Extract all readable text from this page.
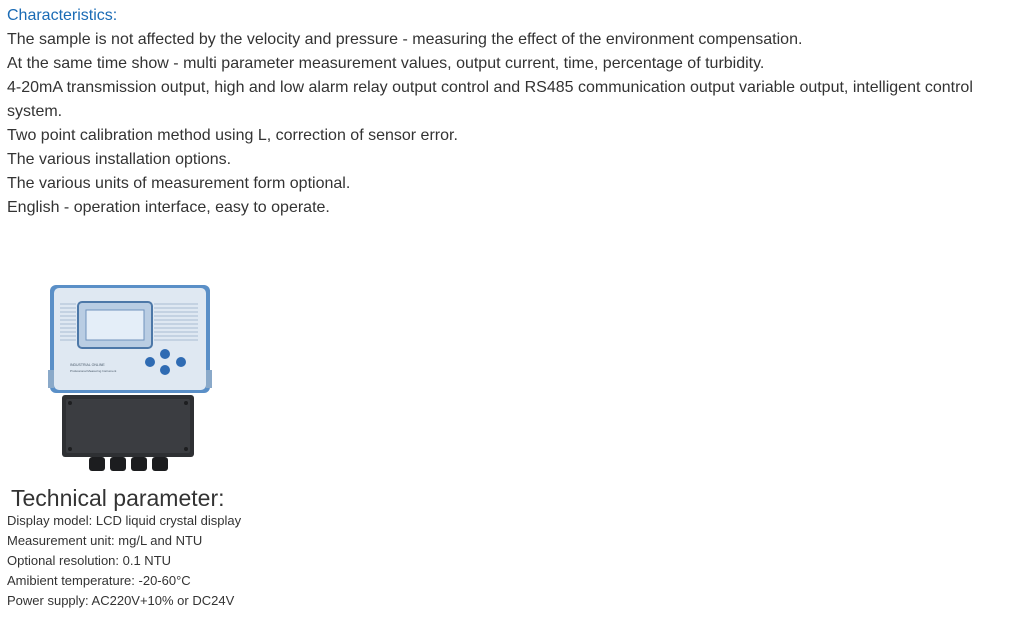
Characteristics:
The sample is not affected by the velocity and pressure - measuring the effect of the environment compensation.
At the same time show - multi parameter measurement values, output current, time, percentage of turbidity.
4-20mA transmission output, high and low alarm relay output control and RS485 communication output variable output, intelligent control system.
Two point calibration method using L, correction of sensor error.
The various installation options.
The various units of measurement form optional.
English - operation interface, easy to operate.
INDUSTRIAL ONLINE
Professional Measuring Instrument
Technical parameter:
Display model: LCD liquid crystal display
Measurement unit: mg/L and NTU
Optional resolution: 0.1 NTU
Amibient temperature: -20-60°C
Power supply: AC220V+10% or DC24V
